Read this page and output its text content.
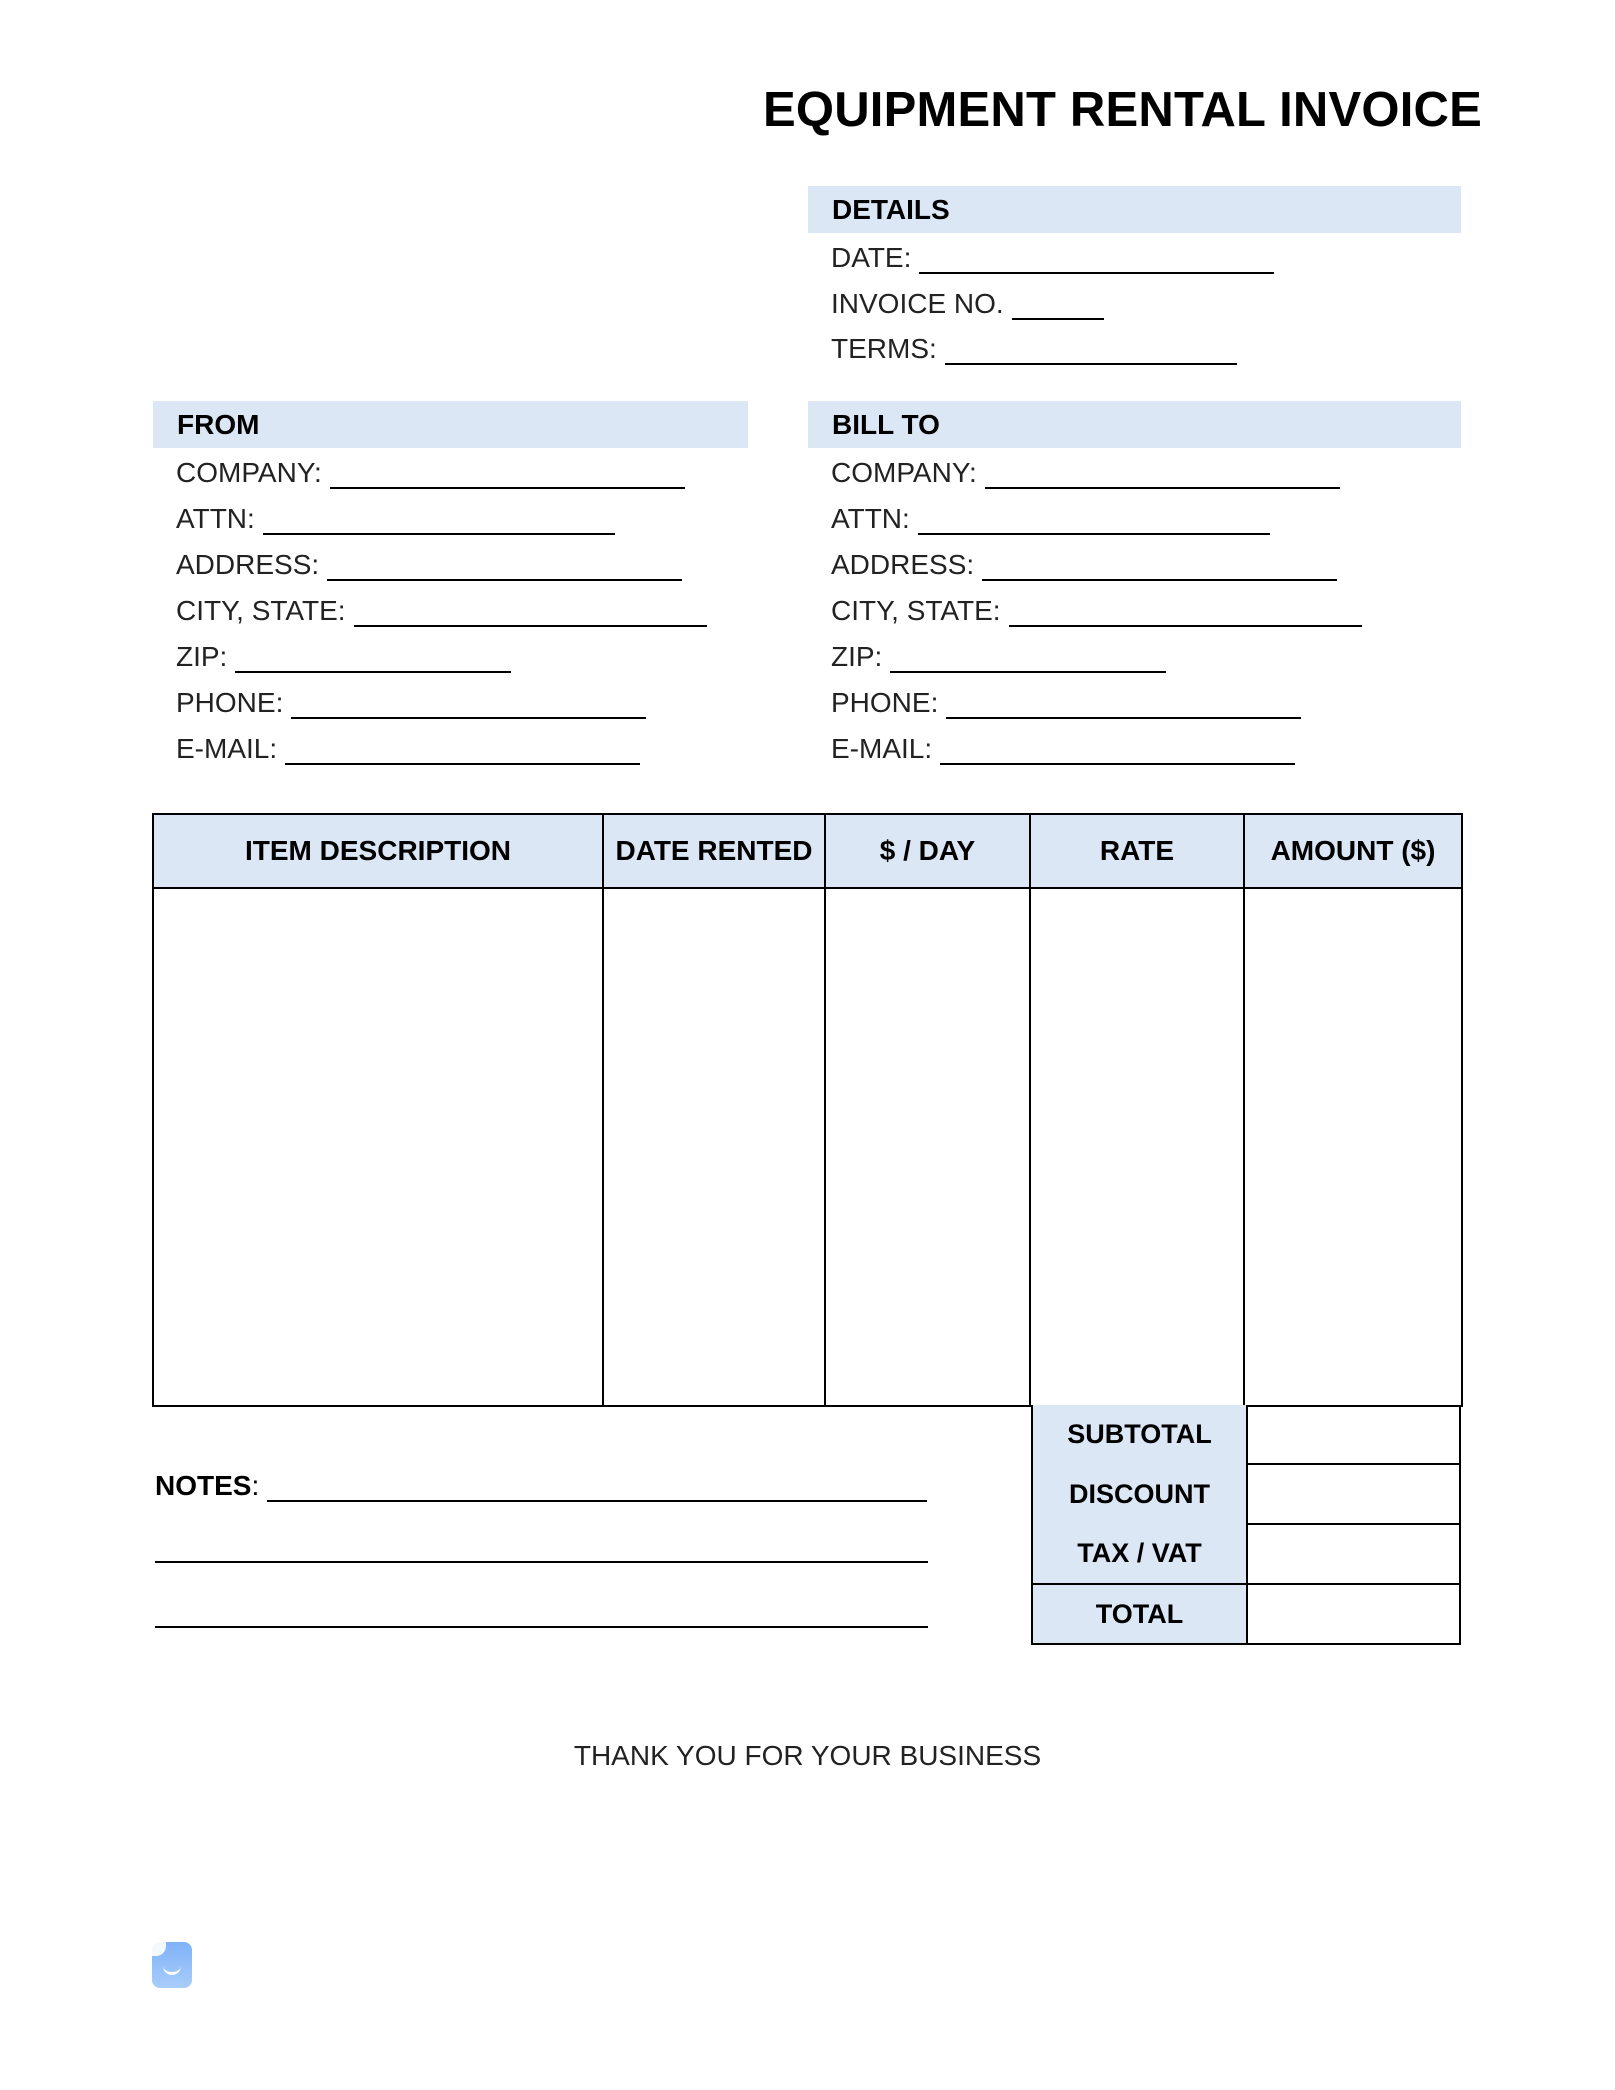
EQUIPMENT RENTAL INVOICE
DETAILS
DATE:
INVOICE NO.
TERMS:
FROM
COMPANY:
ATTN:
ADDRESS:
CITY, STATE:
ZIP:
PHONE:
E-MAIL:
BILL TO
COMPANY:
ATTN:
ADDRESS:
CITY, STATE:
ZIP:
PHONE:
E-MAIL:
ITEM DESCRIPTION	DATE RENTED	$ / DAY	RATE	AMOUNT ($)

SUBTOTAL	
DISCOUNT	
TAX / VAT	
TOTAL	
NOTES :
THANK YOU FOR YOUR BUSINESS
